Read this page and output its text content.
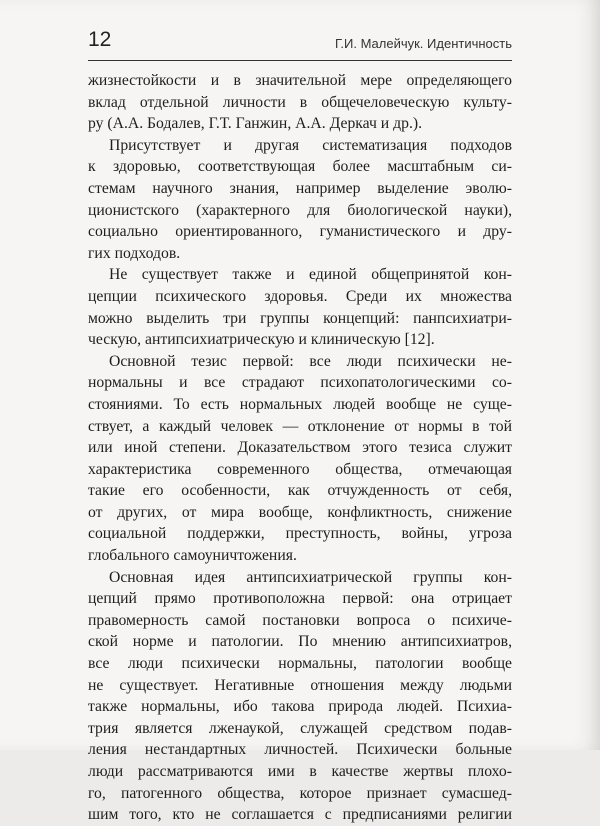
12	Г.И. Малейчук. Идентичность

жизнестойкости и в значительной мере определяющего
вклад отдельной личности в общечеловеческую культу-
ру (А.А. Бодалев, Г.Т. Ганжин, А.А. Деркач и др.).

Присутствует и другая систематизация подходов
к здоровью, соответствующая более масштабным си-
стемам научного знания, например выделение эволю-
ционистского (характерного для биологической науки),
социально ориентированного, гуманистического и дру-
гих подходов.

Не существует также и единой общепринятой кон-
цепции психического здоровья. Среди их множества
можно выделить три группы концепций: панпсихиатри-
ческую, антипсихиатрическую и клиническую [12].

Основной тезис первой: все люди психически не-
нормальны и все страдают психопатологическими со-
стояниями. То есть нормальных людей вообще не суще-
ствует, а каждый человек — отклонение от нормы в той
или иной степени. Доказательством этого тезиса служит
характеристика современного общества, отмечающая
такие его особенности, как отчужденность от себя,
от других, от мира вообще, конфликтность, снижение
социальной поддержки, преступность, войны, угроза
глобального самоуничтожения.

Основная идея антипсихиатрической группы кон-
цепций прямо противоположна первой: она отрицает
правомерность самой постановки вопроса о психиче-
ской норме и патологии. По мнению антипсихиатров,
все люди психически нормальны, патологии вообще
не существует. Негативные отношения между людьми
также нормальны, ибо такова природа людей. Психиа-
трия является лженаукой, служащей средством подав-
ления нестандартных личностей. Психически больные
люди рассматриваются ими в качестве жертвы плохо-
го, патогенного общества, которое признает сумасшед-
шим того, кто не соглашается с предписаниями религии
